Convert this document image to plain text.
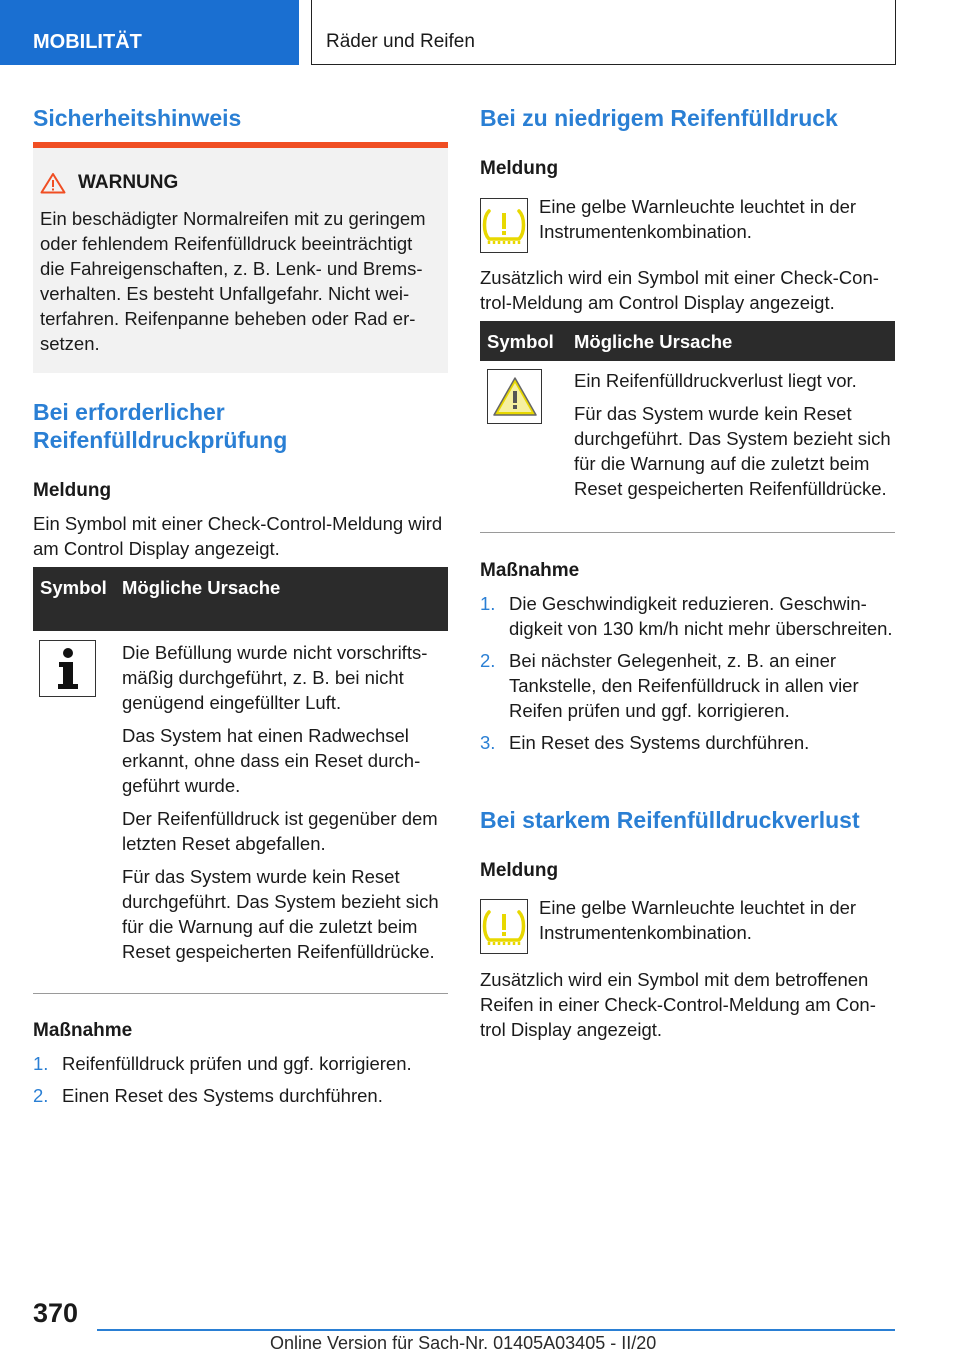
MOBILITÄT	Räder und Reifen
Sicherheitshinweis
WARNUNG

Ein beschädigter Normalreifen mit zu geringem oder fehlendem Reifenfülldruck beeinträchtigt die Fahreigenschaften, z. B. Lenk- und Bremsverhalten. Es besteht Unfallgefahr. Nicht weiterfahren. Reifenpanne beheben oder Rad ersetzen.

Bei erforderlicher Reifenfülldruckprüfung
Meldung

Ein Symbol mit einer Check-Control-Meldung wird am Control Display angezeigt.

Symbol Mögliche Ursache

Die Befüllung wurde nicht vorschriftsmäßig durchgeführt, z. B. bei nicht genügend eingefüllter Luft.

Das System hat einen Radwechsel erkannt, ohne dass ein Reset durchgeführt wurde.

Der Reifenfülldruck ist gegenüber dem letzten Reset abgefallen.

Für das System wurde kein Reset durchgeführt. Das System bezieht sich für die Warnung auf die zuletzt beim Reset gespeicherten Reifenfülldrücke.

Maßnahme
1. Reifenfülldruck prüfen und ggf. korrigieren.
2. Einen Reset des Systems durchführen.
Bei zu niedrigem Reifenfülldruck
Meldung
Eine gelbe Warnleuchte leuchtet in der Instrumentenkombination.

Zusätzlich wird ein Symbol mit einer Check-Control-Meldung am Control Display angezeigt.

Symbol	Mögliche Ursache

Ein Reifenfülldruckverlust liegt vor.

Für das System wurde kein Reset durchgeführt. Das System bezieht sich für die Warnung auf die zuletzt beim Reset gespeicherten Reifenfülldrücke.

Maßnahme
1. Die Geschwindigkeit reduzieren. Geschwindigkeit von 130 km/h nicht mehr überschreiten.
2. Bei nächster Gelegenheit, z. B. an einer Tankstelle, den Reifenfülldruck in allen vier Reifen prüfen und ggf. korrigieren.
3. Ein Reset des Systems durchführen.
Bei starkem Reifenfülldruckverlust
Meldung
Eine gelbe Warnleuchte leuchtet in der Instrumentenkombination.

Zusätzlich wird ein Symbol mit dem betroffenen Reifen in einer Check-Control-Meldung am Control Display angezeigt.

370
Online Version für Sach-Nr. 01405A03405 - II/20
